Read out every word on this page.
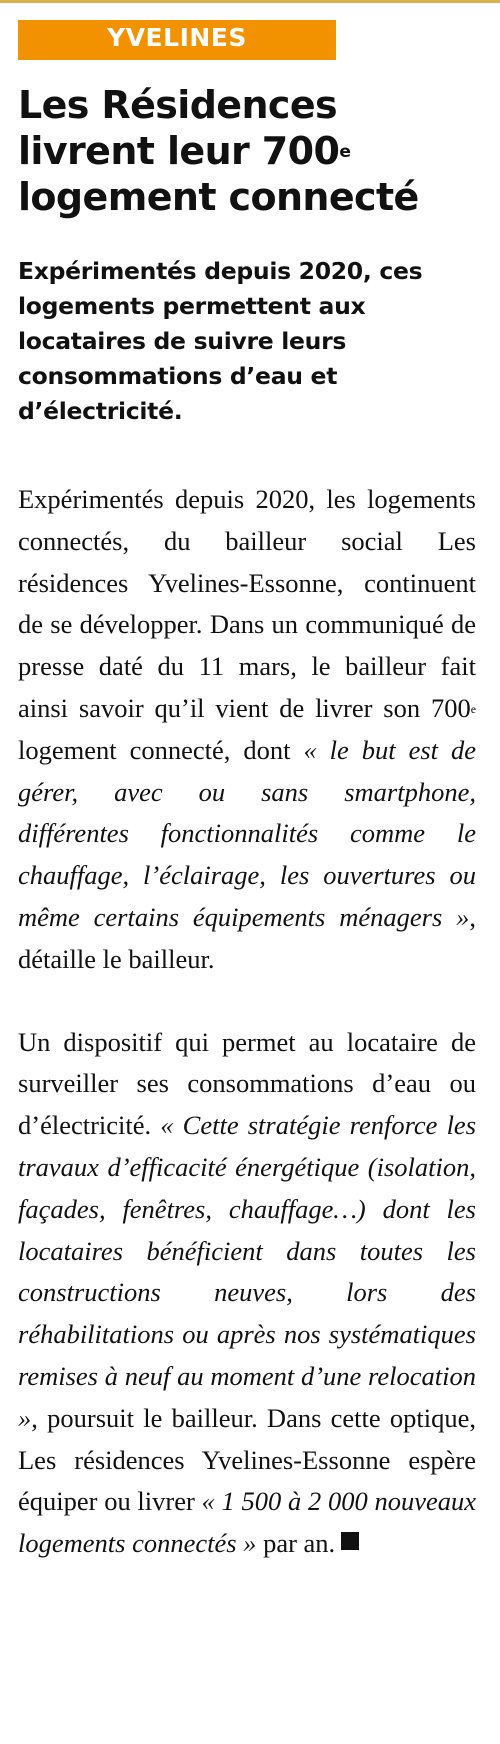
YVELINES
Les Résidences livrent leur 700e logement connecté
Expérimentés depuis 2020, ces logements permettent aux locataires de suivre leurs consommations d’eau et d’électricité.

Expérimentés depuis 2020, les logements connectés, du bailleur social Les résidences Yvelines-Essonne, continuent de se développer. Dans un communiqué de presse daté du 11 mars, le bailleur fait ainsi savoir qu’il vient de livrer son 700e logement connecté, dont « le but est de gérer, avec ou sans smartphone, différentes fonctionnalités comme le chauffage, l’éclairage, les ouvertures ou même certains équipements ménagers », détaille le bailleur.

Un dispositif qui permet au locataire de surveiller ses consommations d’eau ou d’électricité. « Cette stratégie renforce les travaux d’efficacité énergétique (isolation, façades, fenêtres, chauffage…) dont les locataires bénéficient dans toutes les constructions neuves, lors des réhabilitations ou après nos systématiques remises à neuf au moment d’une relocation », poursuit le bailleur. Dans cette optique, Les résidences Yvelines-Essonne espère équiper ou livrer « 1 500 à 2 000 nouveaux logements connectés » par an.
